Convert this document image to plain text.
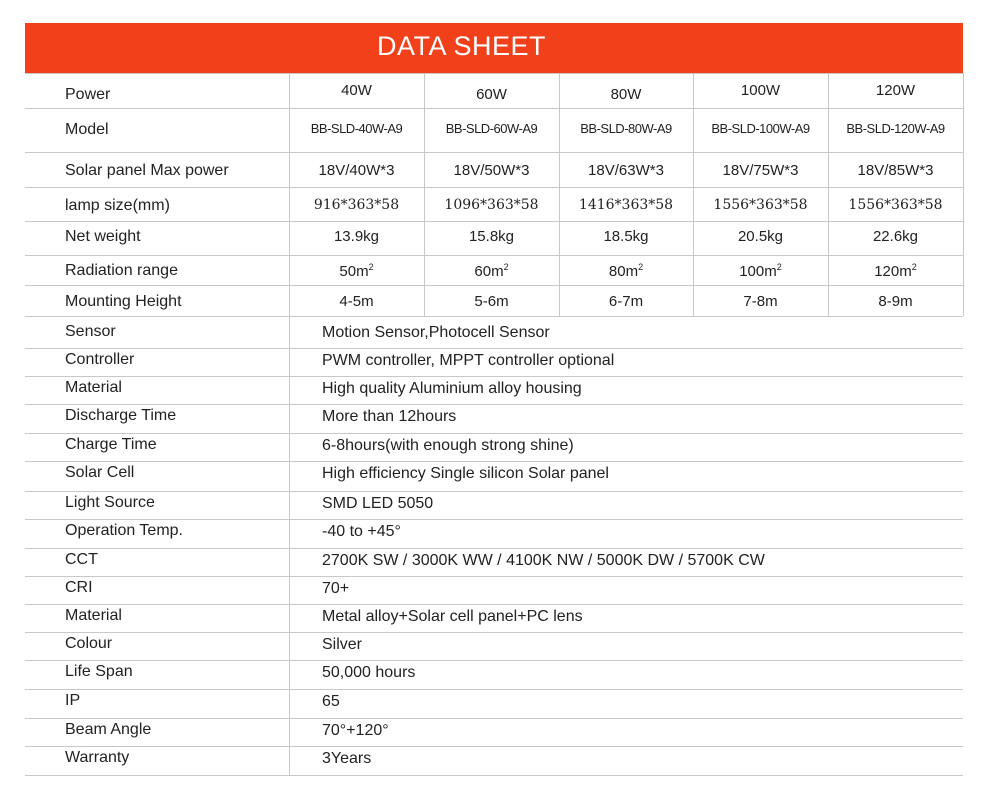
DATA SHEET
Power	40W	60W	80W	100W	120W
Model	BB-SLD-40W-A9	BB-SLD-60W-A9	BB-SLD-80W-A9	BB-SLD-100W-A9	BB-SLD-120W-A9
Solar panel Max power	18V/40W*3	18V/50W*3	18V/63W*3	18V/75W*3	18V/85W*3
lamp size(mm)	916*363*58	1096*363*58	1416*363*58	1556*363*58	1556*363*58
Net weight	13.9kg	15.8kg	18.5kg	20.5kg	22.6kg
Radiation range	$50m^2$	$60m^2$	$80m^2$	$100m^2$	$120m^2$
Mounting Height	4-5m	5-6m	6-7m	7-8m	8-9m
Sensor	Motion Sensor,Photocell Sensor
Controller	PWM controller, MPPT controller optional
Material	High quality Aluminium alloy housing
Discharge Time	More than 12hours
Charge Time	6-8hours(with enough strong shine)
Solar Cell	High efficiency Single silicon Solar panel
Light Source	SMD LED 5050
Operation Temp.	-40 to +45°
CCT	2700K SW / 3000K WW / 4100K NW / 5000K DW / 5700K CW
CRI	70+
Material	Metal alloy+Solar cell panel+PC lens
Colour	Silver
Life Span	50,000 hours
IP	65
Beam Angle	70°+120°
Warranty	3Years
